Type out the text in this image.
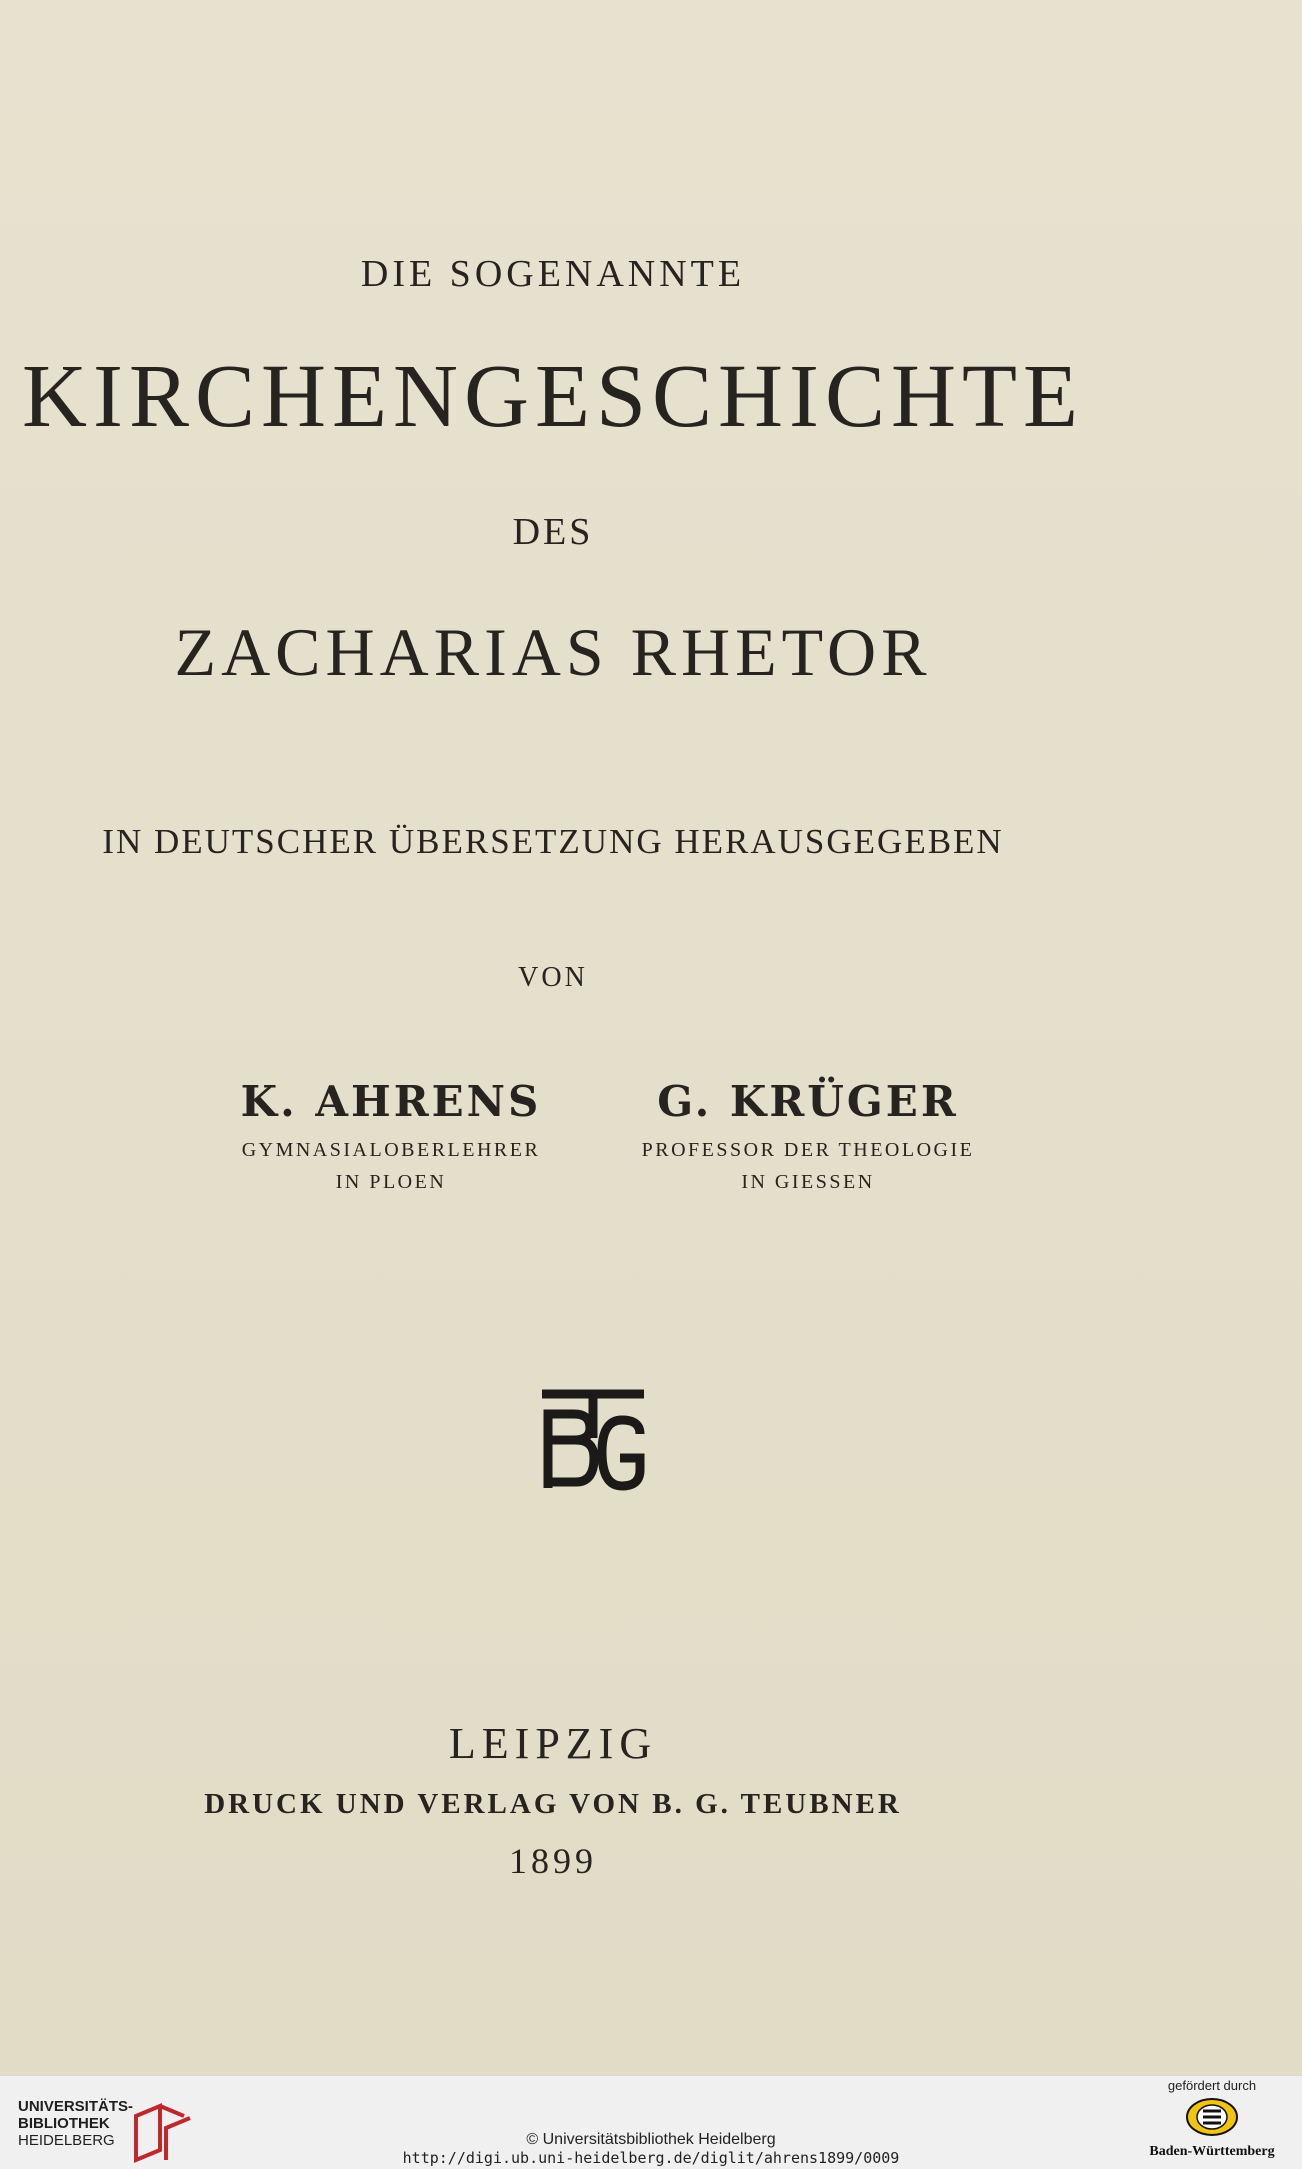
DIE SOGENANNTE

KIRCHENGESCHICHTE

DES

ZACHARIAS RHETOR

IN DEUTSCHER ÜBERSETZUNG HERAUSGEGEBEN

VON

K. AHRENS
GYMNASIALOBERLEHRER
IN PLOEN
G. KRÜGER
PROFESSOR DER THEOLOGIE
IN GIESSEN

LEIPZIG

DRUCK UND VERLAG VON B. G. TEUBNER

1899

UNIVERSITÄTS-
BIBLIOTHEK
HEIDELBERG	© Universitätsbibliothek Heidelberg
http://digi.ub.uni-heidelberg.de/diglit/ahrens1899/0009
gefördert durch
Baden-Württemberg
